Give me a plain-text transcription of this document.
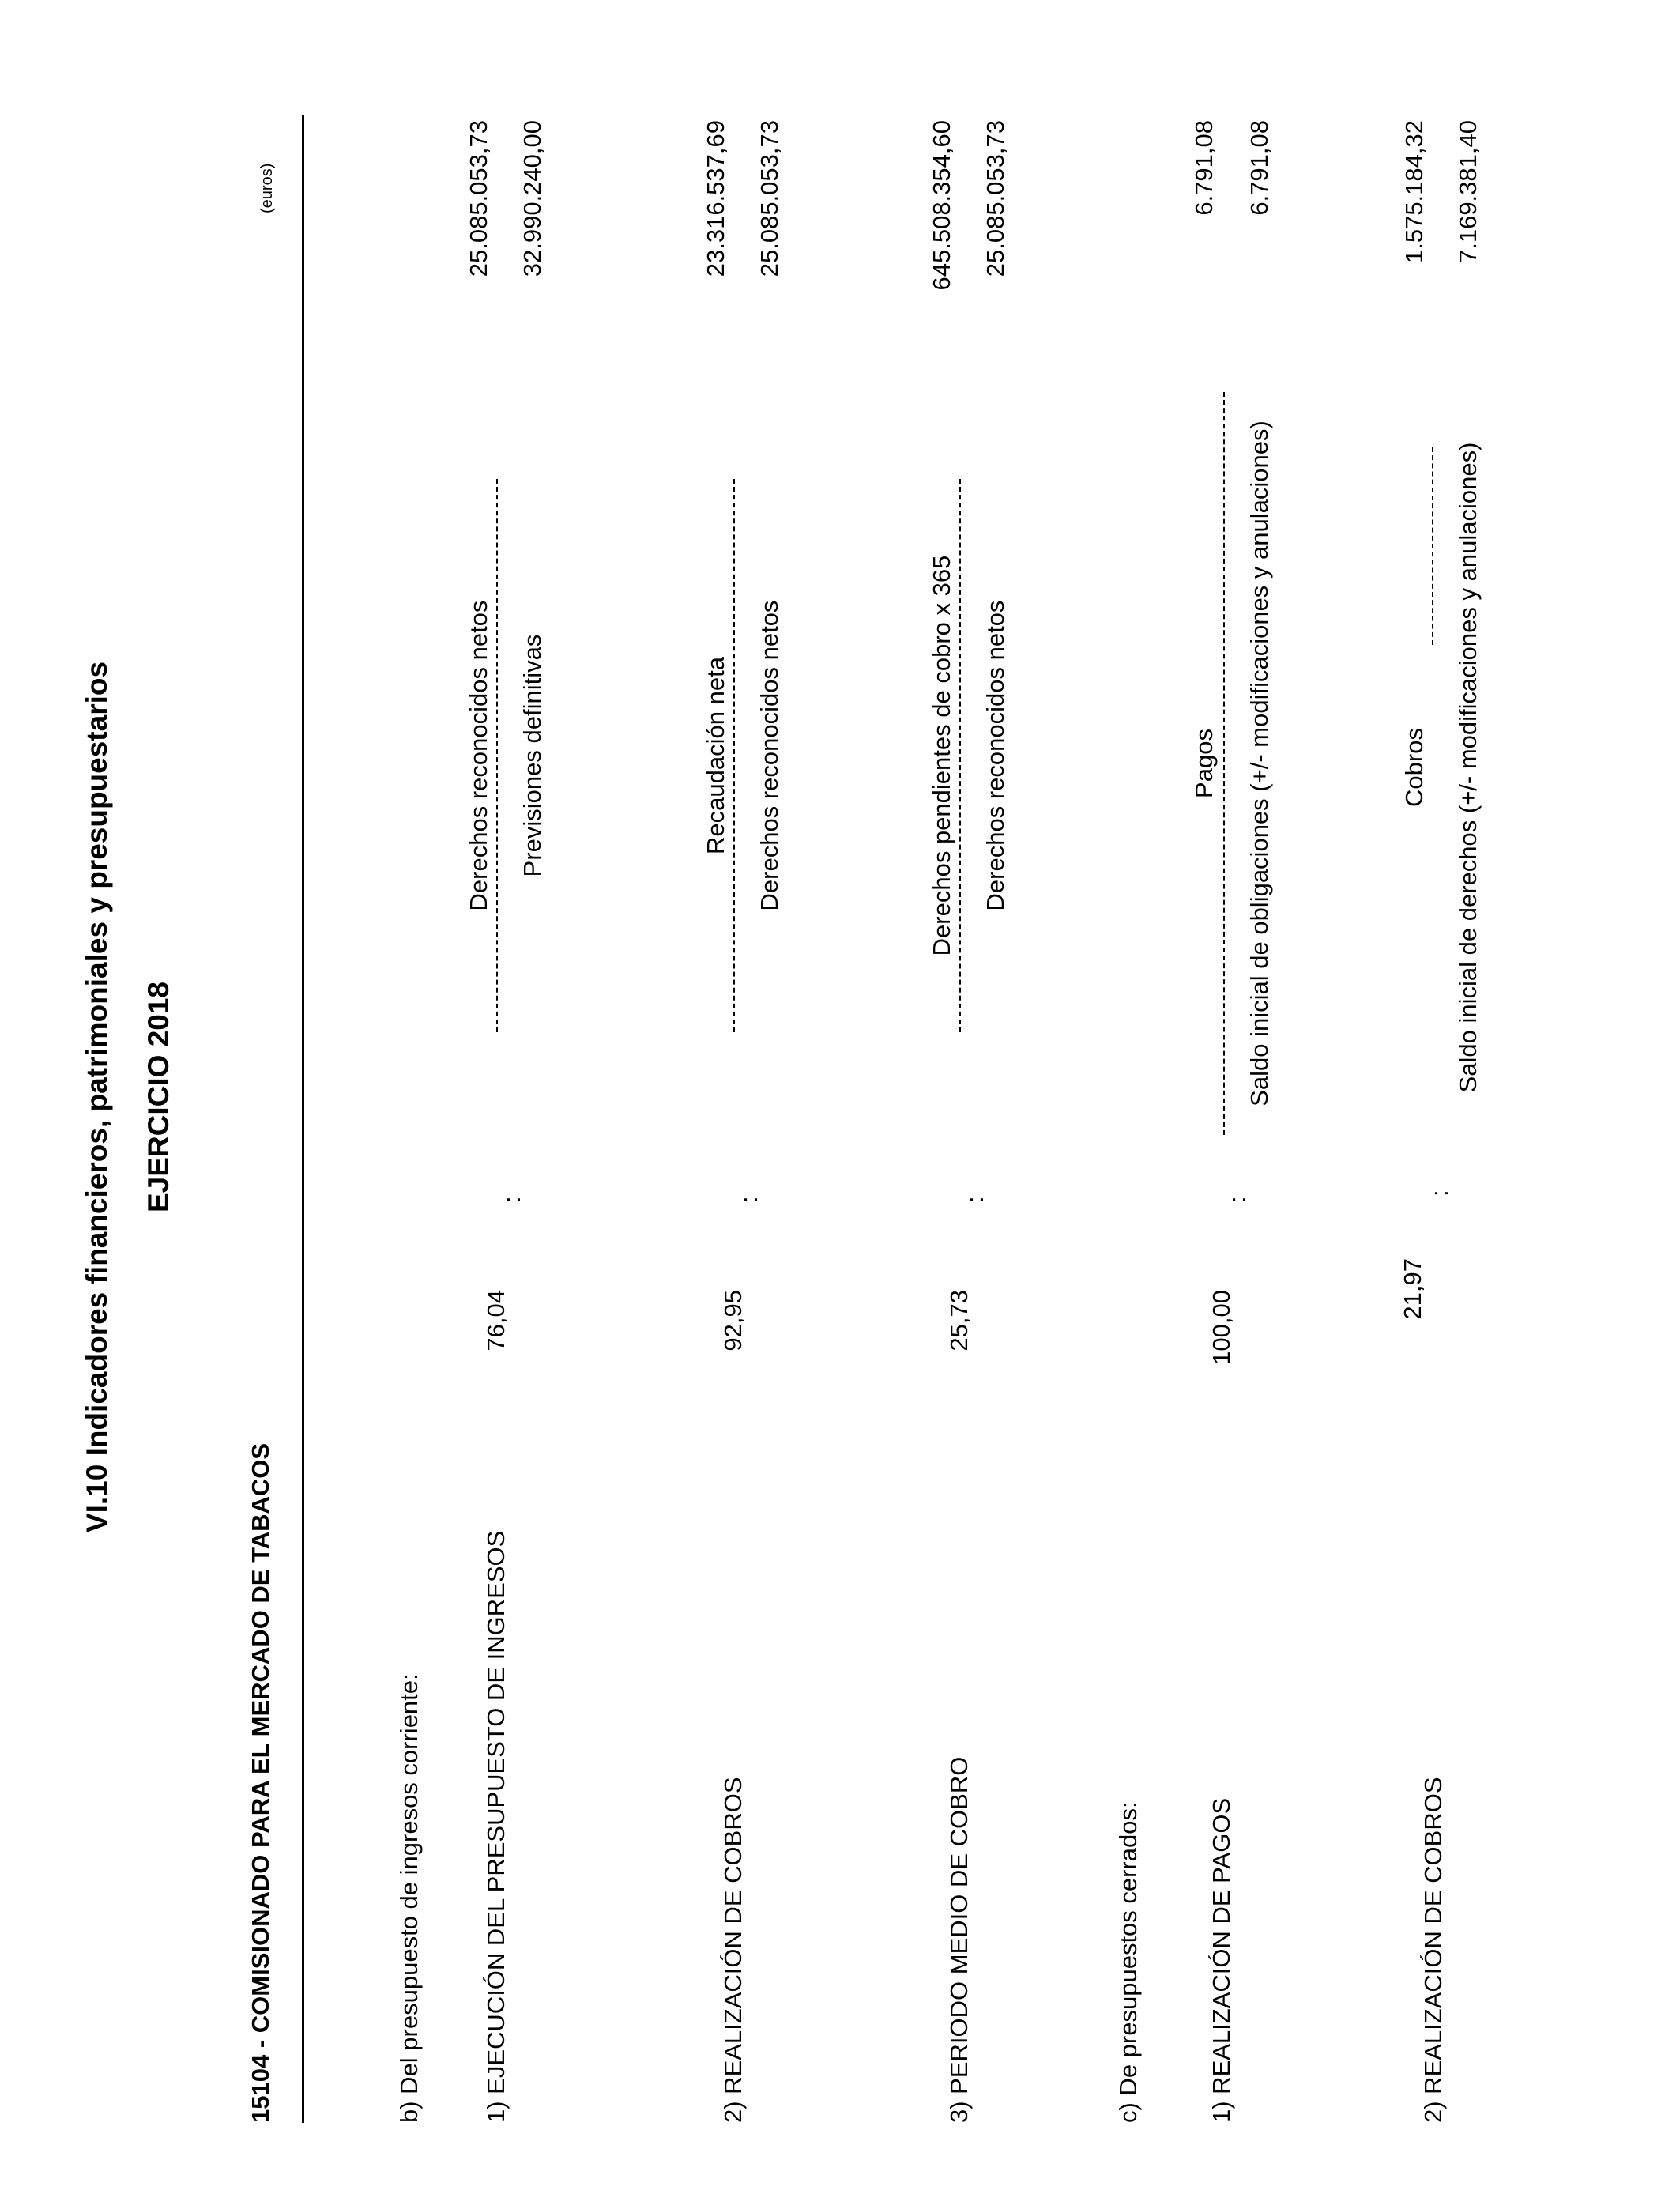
VI.10 Indicadores financieros, patrimoniales y presupuestarios EJERCICIO 2018
15104 - COMISIONADO PARA EL MERCADO DE TABACOS
(euros)
b) Del presupuesto de ingresos corriente: 1) EJECUCIÓN DEL PRESUPUESTO DE INGRESOS
76,04
:
Derechos reconocidos netos Previsiones definitivas
25.085.053,73 32.990.240,00
2) REALIZACIÓN DE COBROS
92,95
:
Recaudación neta Derechos reconocidos netos
23.316.537,69 25.085.053,73
3) PERIODO MEDIO DE COBRO
25,73
:
Derechos pendientes de cobro x 365 Derechos reconocidos netos
645.508.354,60 25.085.053,73
c) De presupuestos cerrados:	1) REALIZACIÓN DE PAGOS
100,00
:
Pagos Saldo inicial de obligaciones (+/- modificaciones y anulaciones)
6.791,08 6.791,08
2) REALIZACIÓN DE COBROS
21,97
:
Cobros Saldo inicial de derechos (+/- modificaciones y anulaciones)
1.575.184,32 7.169.381,40
